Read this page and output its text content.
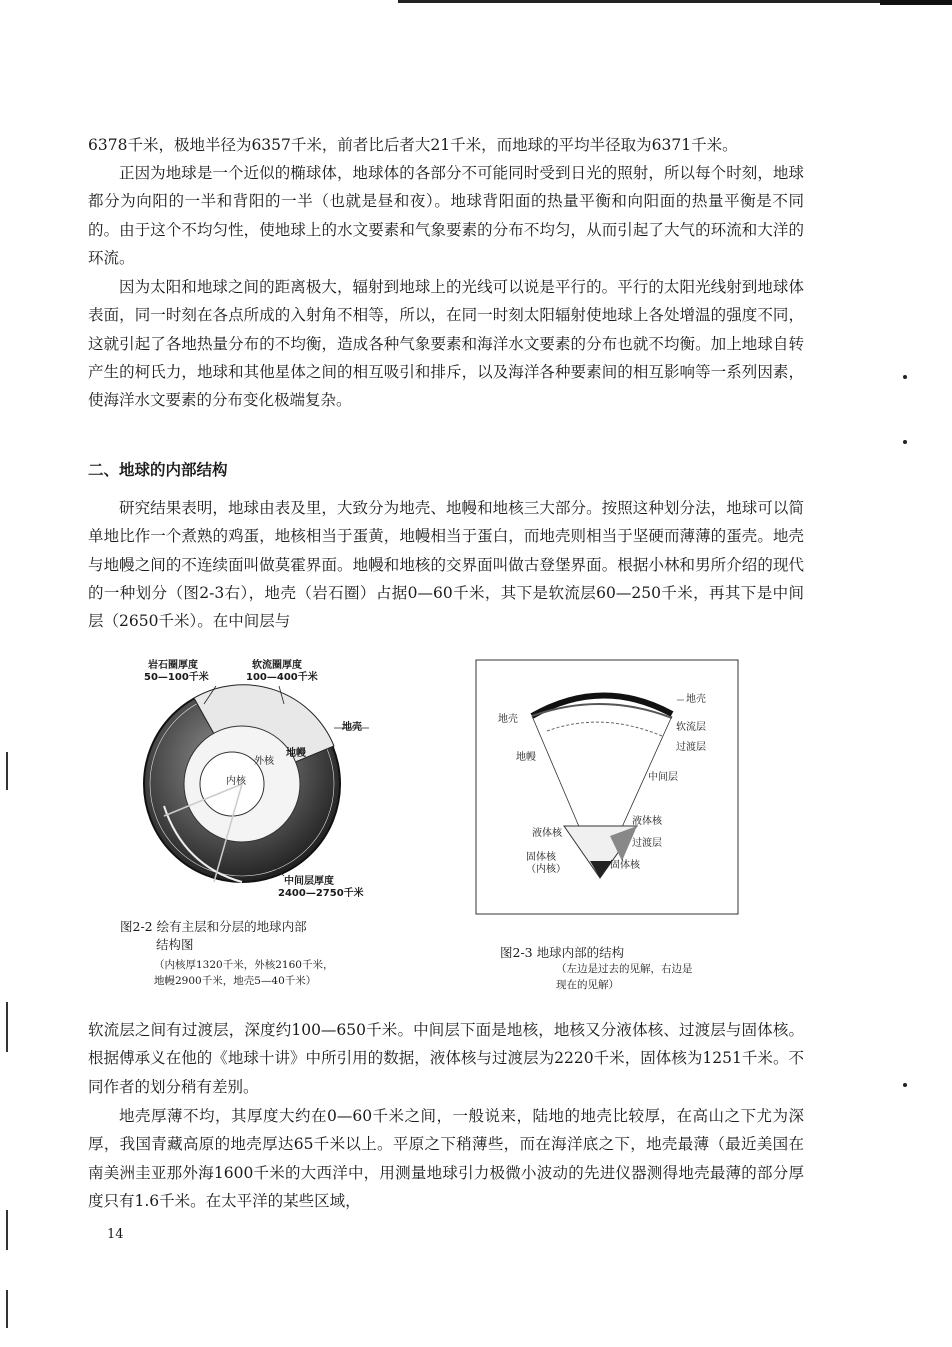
6378千米，极地半径为6357千米，前者比后者大21千米，而地球的平均半径取为6371千米。

正因为地球是一个近似的椭球体，地球体的各部分不可能同时受到日光的照射，所以每个时刻，地球都分为向阳的一半和背阳的一半（也就是昼和夜）。地球背阳面的热量平衡和向阳面的热量平衡是不同的。由于这个不均匀性，使地球上的水文要素和气象要素的分布不均匀，从而引起了大气的环流和大洋的环流。

因为太阳和地球之间的距离极大，辐射到地球上的光线可以说是平行的。平行的太阳光线射到地球体表面，同一时刻在各点所成的入射角不相等，所以，在同一时刻太阳辐射使地球上各处增温的强度不同，这就引起了各地热量分布的不均衡，造成各种气象要素和海洋水文要素的分布也就不均衡。加上地球自转产生的柯氏力，地球和其他星体之间的相互吸引和排斥，以及海洋各种要素间的相互影响等一系列因素，使海洋水文要素的分布变化极端复杂。

二、地球的内部结构

研究结果表明，地球由表及里，大致分为地壳、地幔和地核三大部分。按照这种划分法，地球可以简单地比作一个煮熟的鸡蛋，地核相当于蛋黄，地幔相当于蛋白，而地壳则相当于坚硬而薄薄的蛋壳。地壳与地幔之间的不连续面叫做莫霍界面。地幔和地核的交界面叫做古登堡界面。根据小林和男所介绍的现代的一种划分（图2-3右），地壳（岩石圈）占据0—60千米，其下是软流层60—250千米，再其下是中间层（2650千米）。在中间层与

岩石圈厚度
50—100千米
软流圈厚度
100—400千米
地壳
地幔
外核
内核
中间层厚度
2400—2750千米
图2-2 绘有主层和分层的地球内部
结构图
（内核厚1320千米，外核2160千米，
地幔2900千米，地壳5—40千米）
地壳
地幔
液体核
固体核
（内核）
地壳
软流层
过渡层
中间层
液体核
过渡层
固体核
图2-3 地球内部的结构
（左边是过去的见解，右边是
现在的见解）

软流层之间有过渡层，深度约100—650千米。中间层下面是地核，地核又分液体核、过渡层与固体核。根据傅承义在他的《地球十讲》中所引用的数据，液体核与过渡层为2220千米，固体核为1251千米。不同作者的划分稍有差别。

地壳厚薄不均，其厚度大约在0—60千米之间，一般说来，陆地的地壳比较厚，在高山之下尤为深厚，我国青藏高原的地壳厚达65千米以上。平原之下稍薄些，而在海洋底之下，地壳最薄（最近美国在南美洲圭亚那外海1600千米的大西洋中，用测量地球引力极微小波动的先进仪器测得地壳最薄的部分厚度只有1.6千米。在太平洋的某些区域，

14
